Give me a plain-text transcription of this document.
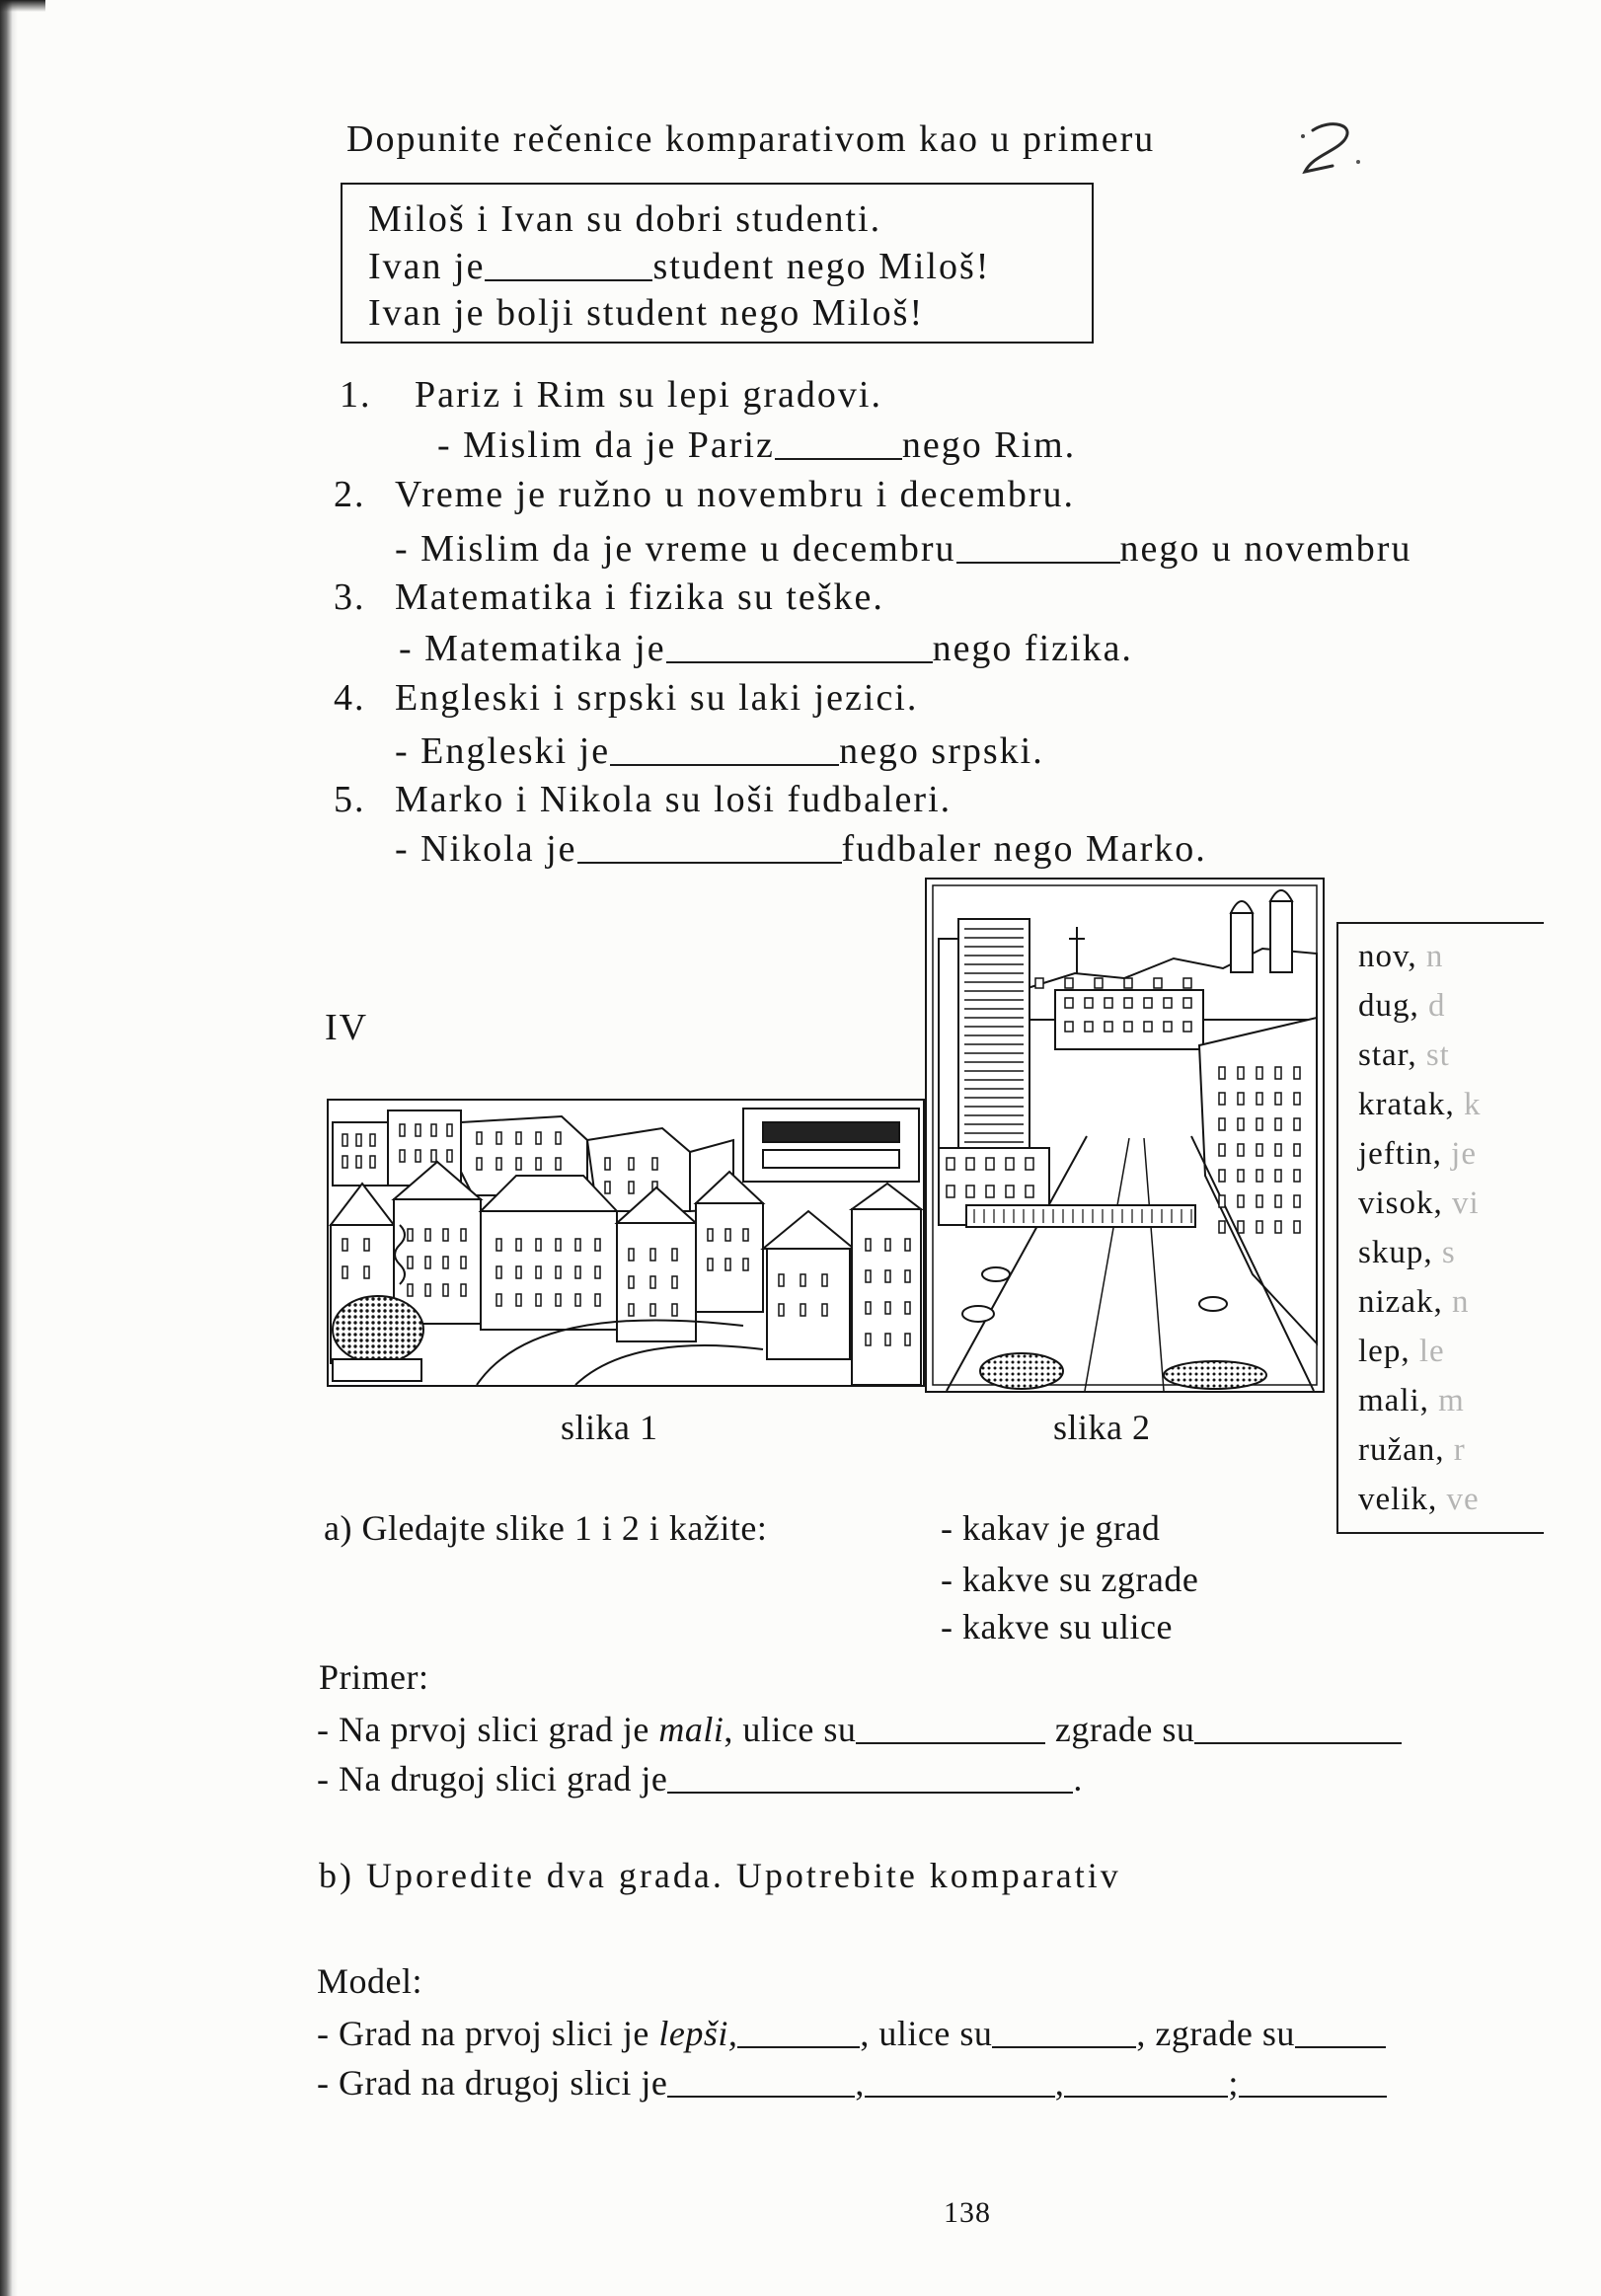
Dopunite rečenice komparativom kao u primeru
Miloš i Ivan su dobri studenti.
Ivan je	student nego Miloš!
Ivan je bolji student nego Miloš!
1. Pariz i Rim su lepi gradovi.
- Mislim da je Pariz	nego Rim.
2. Vreme je ružno u novembru i decembru.
- Mislim da je vreme u decembru	nego u novembru
3. Matematika i fizika su teške.
- Matematika je	nego fizika.
4. Engleski i srpski su laki jezici.
- Engleski je	nego srpski.
5. Marko i Nikola su loši fudbaleri.
- Nikola je	fudbaler nego Marko.
IV
slika 1	slika 2
nov, n
dug, d
star, st
kratak, k
jeftin, je
visok, vi
skup, s
nizak, n
lep, le
mali, m
ružan, r
velik, ve
a) Gledajte slike 1 i 2 i kažite:	- kakav je grad
- kakve su zgrade
- kakve su ulice
Primer:
- Na prvoj slici grad je mali, ulice su	zgrade su
- Na drugoj slici grad je	.
b) Uporedite dva grada. Upotrebite komparativ
Model:
- Grad na prvoj slici je lepši,	, ulice su	, zgrade su
- Grad na drugoj slici je	,	,	;
138
